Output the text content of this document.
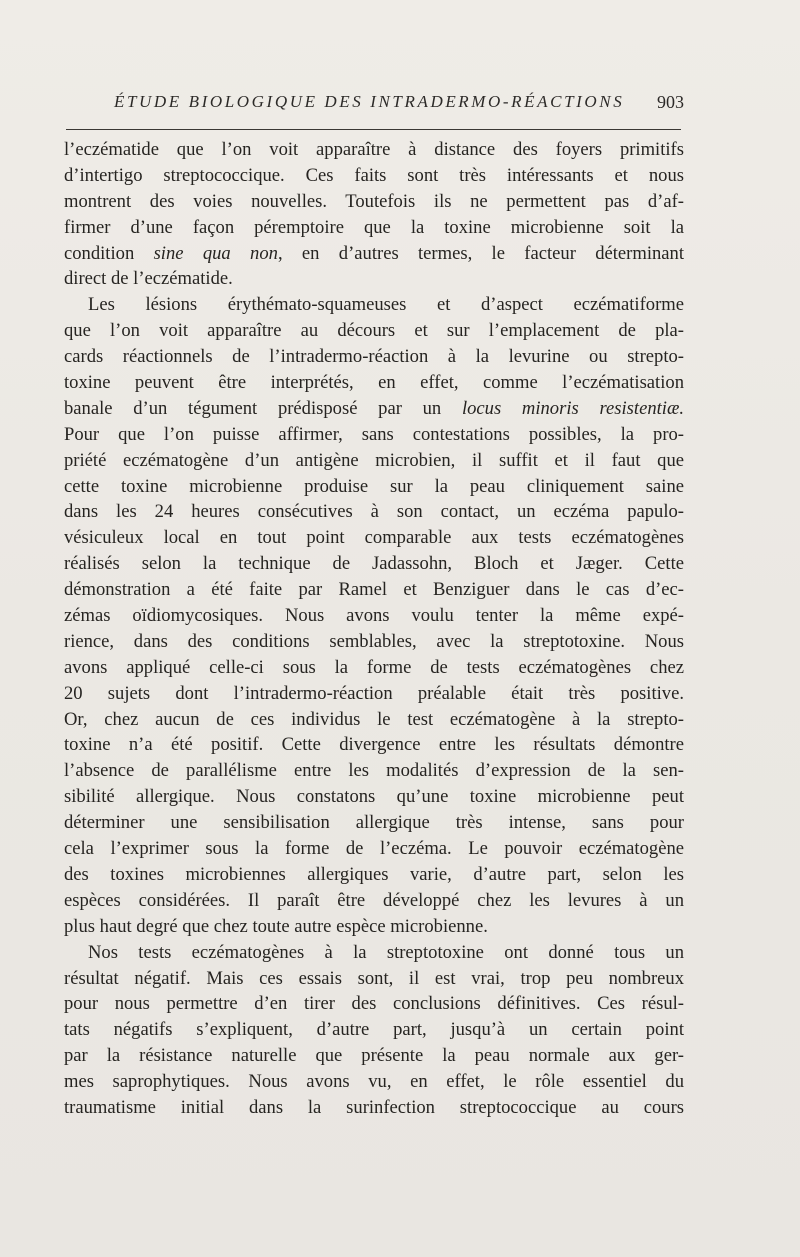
ÉTUDE BIOLOGIQUE DES INTRADERMO-RÉACTIONS 903
l’eczématide que l’on voit apparaître à distance des foyers primitifs
d’intertigo streptococcique. Ces faits sont très intéressants et nous
montrent des voies nouvelles. Toutefois ils ne permettent pas d’af-
firmer d’une façon péremptoire que la toxine microbienne soit la
condition sine qua non, en d’autres termes, le facteur déterminant
direct de l’eczématide.
Les lésions érythémato-squameuses et d’aspect eczématiforme
que l’on voit apparaître au décours et sur l’emplacement de pla-
cards réactionnels de l’intradermo-réaction à la levurine ou strepto-
toxine peuvent être interprétés, en effet, comme l’eczématisation
banale d’un tégument prédisposé par un locus minoris resistentiæ.
Pour que l’on puisse affirmer, sans contestations possibles, la pro-
priété eczématogène d’un antigène microbien, il suffit et il faut que
cette toxine microbienne produise sur la peau cliniquement saine
dans les 24 heures consécutives à son contact, un eczéma papulo-
vésiculeux local en tout point comparable aux tests eczématogènes
réalisés selon la technique de Jadassohn, Bloch et Jæger. Cette
démonstration a été faite par Ramel et Benziguer dans le cas d’ec-
zémas oïdiomycosiques. Nous avons voulu tenter la même expé-
rience, dans des conditions semblables, avec la streptotoxine. Nous
avons appliqué celle-ci sous la forme de tests eczématogènes chez
20 sujets dont l’intradermo-réaction préalable était très positive.
Or, chez aucun de ces individus le test eczématogène à la strepto-
toxine n’a été positif. Cette divergence entre les résultats démontre
l’absence de parallélisme entre les modalités d’expression de la sen-
sibilité allergique. Nous constatons qu’une toxine microbienne peut
déterminer une sensibilisation allergique très intense, sans pour
cela l’exprimer sous la forme de l’eczéma. Le pouvoir eczématogène
des toxines microbiennes allergiques varie, d’autre part, selon les
espèces considérées. Il paraît être développé chez les levures à un
plus haut degré que chez toute autre espèce microbienne.
Nos tests eczématogènes à la streptotoxine ont donné tous un
résultat négatif. Mais ces essais sont, il est vrai, trop peu nombreux
pour nous permettre d’en tirer des conclusions définitives. Ces résul-
tats négatifs s’expliquent, d’autre part, jusqu’à un certain point
par la résistance naturelle que présente la peau normale aux ger-
mes saprophytiques. Nous avons vu, en effet, le rôle essentiel du
traumatisme initial dans la surinfection streptococcique au cours
